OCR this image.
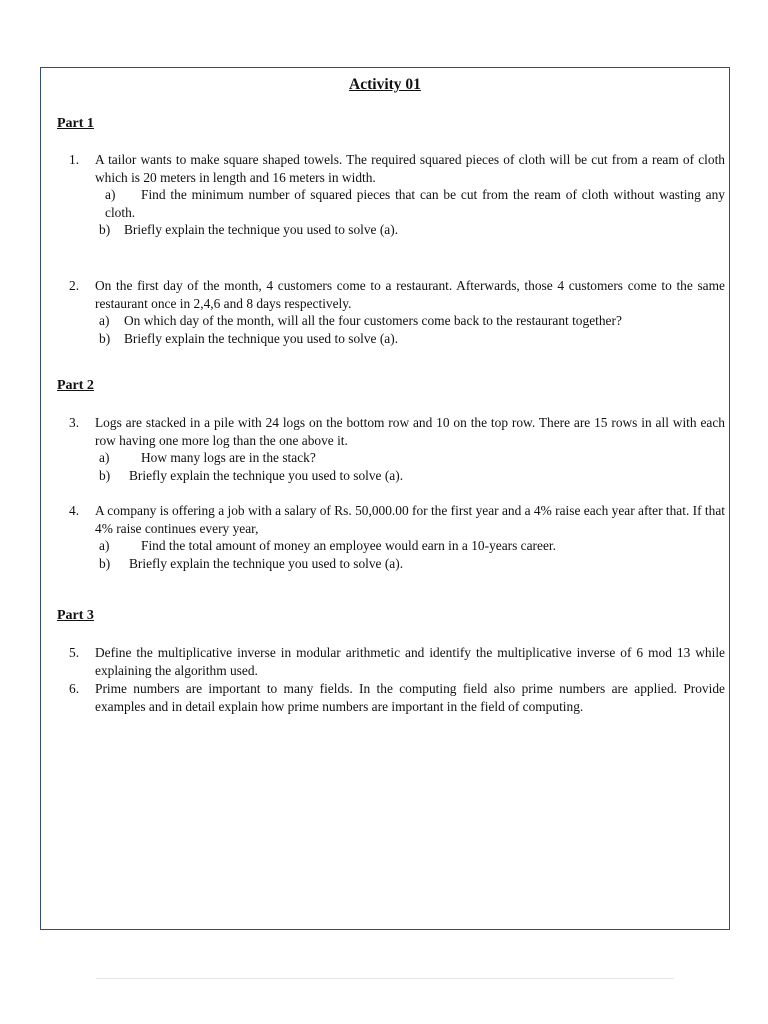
Activity 01
Part 1
1. A tailor wants to make square shaped towels. The required squared pieces of cloth will be cut from a ream of cloth which is 20 meters in length and 16 meters in width.
a)	Find the minimum number of squared pieces that can be cut from the ream of cloth without wasting any cloth.
b) Briefly explain the technique you used to solve (a).
2. On the first day of the month, 4 customers come to a restaurant. Afterwards, those 4 customers come to the same restaurant once in 2,4,6 and 8 days respectively.
a) On which day of the month, will all the four customers come back to the restaurant together?
b) Briefly explain the technique you used to solve (a).
Part 2
3. Logs are stacked in a pile with 24 logs on the bottom row and 10 on the top row. There are 15 rows in all with each row having one more log than the one above it.
a) How many logs are in the stack?
b) Briefly explain the technique you used to solve (a).
4. A company is offering a job with a salary of Rs. 50,000.00 for the first year and a 4% raise each year after that. If that 4% raise continues every year,
a) Find the total amount of money an employee would earn in a 10-years career.
b) Briefly explain the technique you used to solve (a).
Part 3
5. Define the multiplicative inverse in modular arithmetic and identify the multiplicative inverse of 6 mod 13 while explaining the algorithm used.
6. Prime numbers are important to many fields. In the computing field also prime numbers are applied. Provide examples and in detail explain how prime numbers are important in the field of computing.
